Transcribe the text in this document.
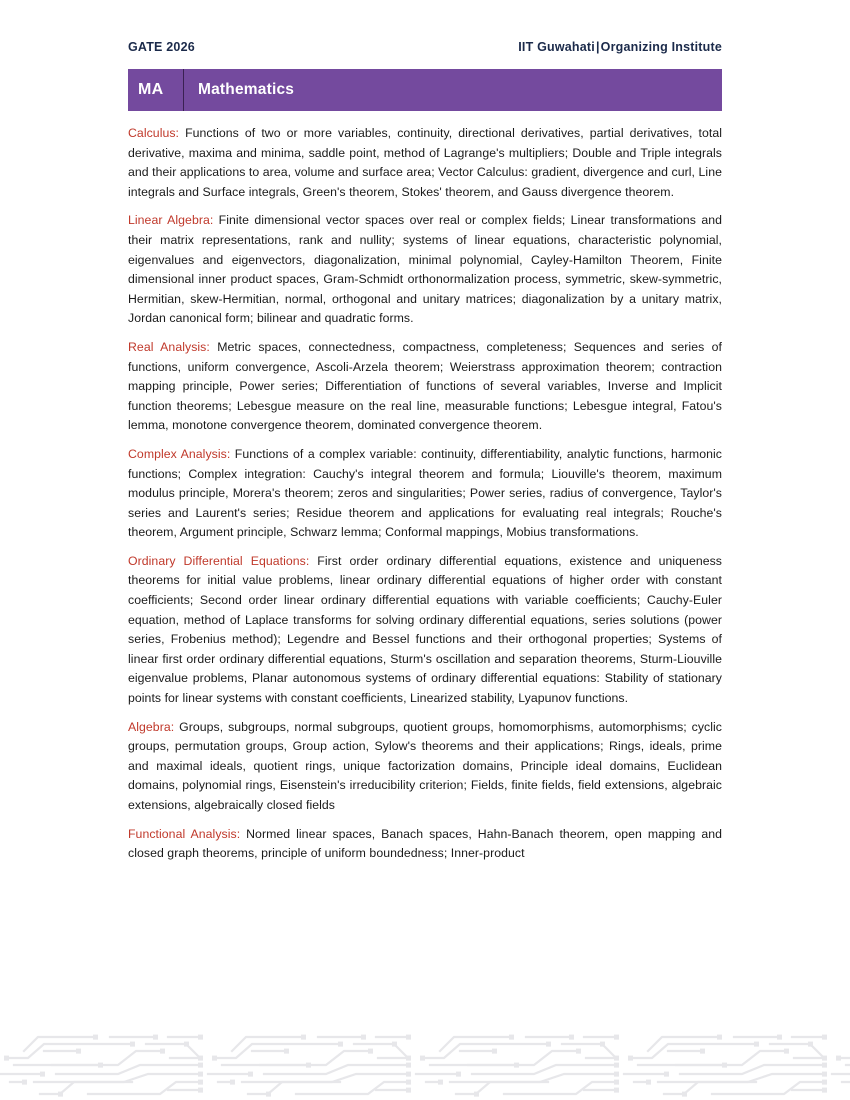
GATE 2026	IIT Guwahati|Organizing Institute
MA	Mathematics

Calculus: Functions of two or more variables, continuity, directional derivatives, partial derivatives, total derivative, maxima and minima, saddle point, method of Lagrange's multipliers; Double and Triple integrals and their applications to area, volume and surface area; Vector Calculus: gradient, divergence and curl, Line integrals and Surface integrals, Green's theorem, Stokes' theorem, and Gauss divergence theorem.

Linear Algebra: Finite dimensional vector spaces over real or complex fields; Linear transformations and their matrix representations, rank and nullity; systems of linear equations, characteristic polynomial, eigenvalues and eigenvectors, diagonalization, minimal polynomial, Cayley-Hamilton Theorem, Finite dimensional inner product spaces, Gram-Schmidt orthonormalization process, symmetric, skew-symmetric, Hermitian, skew-Hermitian, normal, orthogonal and unitary matrices; diagonalization by a unitary matrix, Jordan canonical form; bilinear and quadratic forms.

Real Analysis: Metric spaces, connectedness, compactness, completeness; Sequences and series of functions, uniform convergence, Ascoli-Arzela theorem; Weierstrass approximation theorem; contraction mapping principle, Power series; Differentiation of functions of several variables, Inverse and Implicit function theorems; Lebesgue measure on the real line, measurable functions; Lebesgue integral, Fatou's lemma, monotone convergence theorem, dominated convergence theorem.

Complex Analysis: Functions of a complex variable: continuity, differentiability, analytic functions, harmonic functions; Complex integration: Cauchy's integral theorem and formula; Liouville's theorem, maximum modulus principle, Morera's theorem; zeros and singularities; Power series, radius of convergence, Taylor's series and Laurent's series; Residue theorem and applications for evaluating real integrals; Rouche's theorem, Argument principle, Schwarz lemma; Conformal mappings, Mobius transformations.

Ordinary Differential Equations: First order ordinary differential equations, existence and uniqueness theorems for initial value problems, linear ordinary differential equations of higher order with constant coefficients; Second order linear ordinary differential equations with variable coefficients; Cauchy-Euler equation, method of Laplace transforms for solving ordinary differential equations, series solutions (power series, Frobenius method); Legendre and Bessel functions and their orthogonal properties; Systems of linear first order ordinary differential equations, Sturm's oscillation and separation theorems, Sturm-Liouville eigenvalue problems, Planar autonomous systems of ordinary differential equations: Stability of stationary points for linear systems with constant coefficients, Linearized stability, Lyapunov functions.

Algebra: Groups, subgroups, normal subgroups, quotient groups, homomorphisms, automorphisms; cyclic groups, permutation groups, Group action, Sylow's theorems and their applications; Rings, ideals, prime and maximal ideals, quotient rings, unique factorization domains, Principle ideal domains, Euclidean domains, polynomial rings, Eisenstein's irreducibility criterion; Fields, finite fields, field extensions, algebraic extensions, algebraically closed fields

Functional Analysis: Normed linear spaces, Banach spaces, Hahn-Banach theorem, open mapping and closed graph theorems, principle of uniform boundedness; Inner-product
